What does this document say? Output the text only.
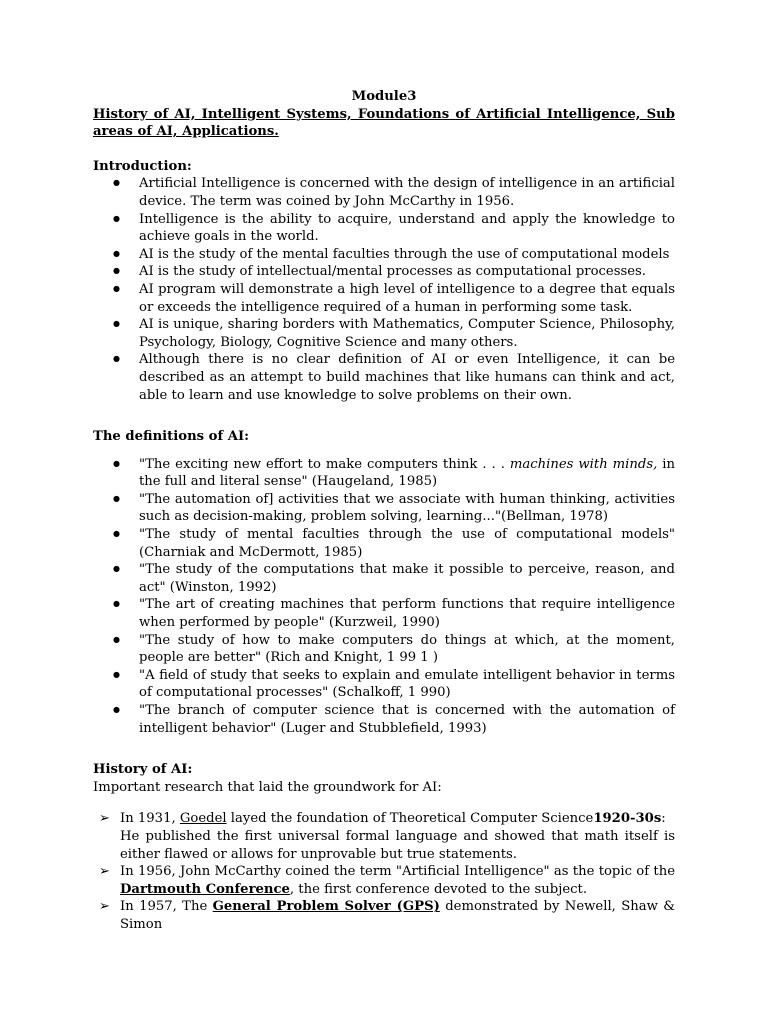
Module3

History of AI, Intelligent Systems, Foundations of Artificial Intelligence, Sub areas of AI, Applications.

Introduction:

●
Artificial Intelligence is concerned with the design of intelligence in an artificial device. The term was coined by John McCarthy in 1956.
●
Intelligence is the ability to acquire, understand and apply the knowledge to achieve goals in the world.
●
AI is the study of the mental faculties through the use of computational models
●
AI is the study of intellectual/mental processes as computational processes.
●
AI program will demonstrate a high level of intelligence to a degree that equals or exceeds the intelligence required of a human in performing some task.
●
AI is unique, sharing borders with Mathematics, Computer Science, Philosophy, Psychology, Biology, Cognitive Science and many others.
●
Although there is no clear definition of AI or even Intelligence, it can be described as an attempt to build machines that like humans can think and act, able to learn and use knowledge to solve problems on their own.

The definitions of AI:

●
"The exciting new effort to make computers think . . . machines with minds, in the full and literal sense" (Haugeland, 1985)
●
"The automation of] activities that we associate with human thinking, activities such as decision-making, problem solving, learning..."(Bellman, 1978)
●
"The study of mental faculties through the use of computational models" (Charniak and McDermott, 1985)
●
"The study of the computations that make it possible to perceive, reason, and act" (Winston, 1992)
●
"The art of creating machines that perform functions that require intelligence when performed by people" (Kurzweil, 1990)
●
"The study of how to make computers do things at which, at the moment, people are better" (Rich and Knight, 1 99 1 )
●
"A field of study that seeks to explain and emulate intelligent behavior in terms of computational processes" (Schalkoff, 1 990)
●
"The branch of computer science that is concerned with the automation of intelligent behavior" (Luger and Stubblefield, 1993)

History of AI:

Important research that laid the groundwork for AI:

➢ In 1931, Goedel layed the foundation of Theoretical Computer Science1920-30s:
He published the first universal formal language and showed that math itself is either flawed or allows for unprovable but true statements.
➢ In 1956, John McCarthy coined the term "Artificial Intelligence" as the topic of the Dartmouth Conference, the first conference devoted to the subject.
➢ In 1957, The General Problem Solver (GPS) demonstrated by Newell, Shaw & Simon
